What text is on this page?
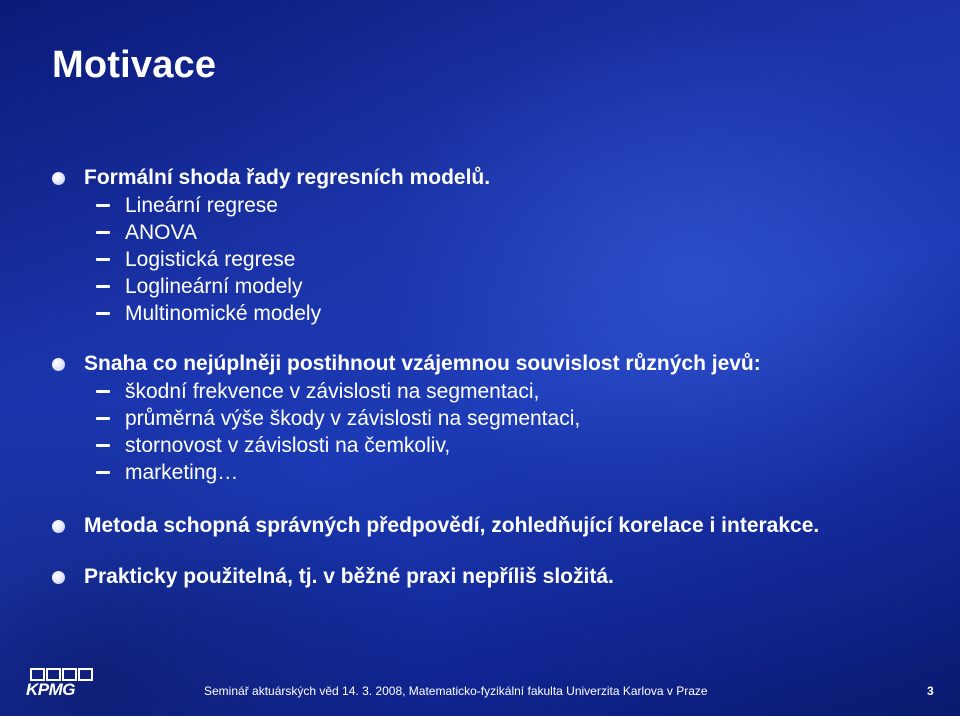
Motivace
Formální shoda řady regresních modelů.
Lineární regrese
ANOVA
Logistická regrese
Loglineární modely
Multinomické modely
Snaha co nejúplněji postihnout vzájemnou souvislost různých jevů:
škodní frekvence v závislosti na segmentaci,
průměrná výše škody v závislosti na segmentaci,
stornovost v závislosti na čemkoliv,
marketing…
Metoda schopná správných předpovědí, zohledňující korelace i interakce.
Prakticky použitelná, tj. v běžné praxi nepříliš složitá.
KPMG	Seminář aktuárských věd 14. 3. 2008, Matematicko-fyzikální fakulta Univerzita Karlova v Praze	3
